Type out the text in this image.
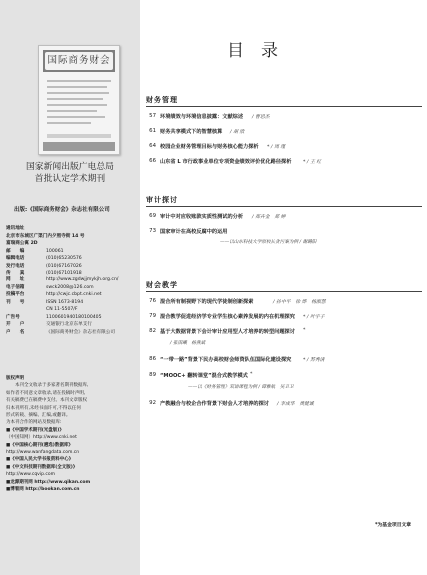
国际商务财会
国家新闻出版广电总局
首批认定学术期刊
出版:《国际商务财会》杂志社有限公司
通讯地址
北京市东城区广渠门内夕照寺街 14 号
富瑞商公寓 2D
邮　　编	100061
编辑电话	(010)65230576
发行电话	(010)67167026
传　　真	(010)67101918
网　　址	http://www.zgdwjjmykjh.org.cn/
电子信箱	swck2008@126.com
投稿平台	http://cwjc.cbpt.cnki.net
刊　　号	ISSN 1673-8194
CN 11-5507/F
广告号	1100601940180100405
开　　户	交通银行北京东单支行
户　　名	《国际商务财会》杂志社有限公司
版权声明
　　本刊全文收录于多家著名期刊数据库,
如作者不同意文章收录,请在投稿时声明,
有关稿费已在稿费中支付。本刊文章版权
归本刊所有,未经书面许可,不得以任何
形式转载、摘编、汇编,或翻译。
为本刊合作的网站及数据库:
■《中国学术期刊(光盘版)》
（中国知网）http://www.cnki.net
■《中国核心期刊(遴选)数据库》
http://www.wanfangdata.com.cn
■《中国人民大学书报资料中心》
■《中文科技期刊数据库(全文版)》
http://www.cqvip.com
■龙源期刊网 http://www.qikan.com
■博看网 http://bookan.com.cn
目录
财务管理
57 环境绩效与环境信息披露：文献综述 / 曹思杰
61 财务共享模式下的智慧核算 / 胡 欣
64 校园企业财务管理目标与财务核心能力探析 * / 周 瑾
66 山东省 L 市行政事业单位专项资金绩效评价优化路径探析 * / 王 红
审计探讨
69 审计中对应收账款实质性测试的分析 / 郑卉金　郑 婷
73 国家审计在高校反腐中的运用
——以山东科技大学原校长贪污案为例 / 谢璐阳
财会教学
76 混合所有制视野下的现代学徒制创新探索	/ 孙中平　徐 烨　杨淑慧
79 混合教学促进经济学专业学生核心素养发展的内在机理探究 * / 叶宇子
82 基于大数据背景下会计审计应用型人才培养的转型问题探讨 *
/ 张雨曦　杨燕斌
86 “一带一路”背景下民办高校财会师资队伍国际化建设探究 * / 苏秀清
89 “MOOC+ 翻转课堂”混合式教学模式 *
——以《财务管理》双语课程为例 / 谭雅航　吴卫卫
92 产教融合与校企合作背景下财会人才培养的探讨 / 李成华　黄健诚
*为基金项目文章
